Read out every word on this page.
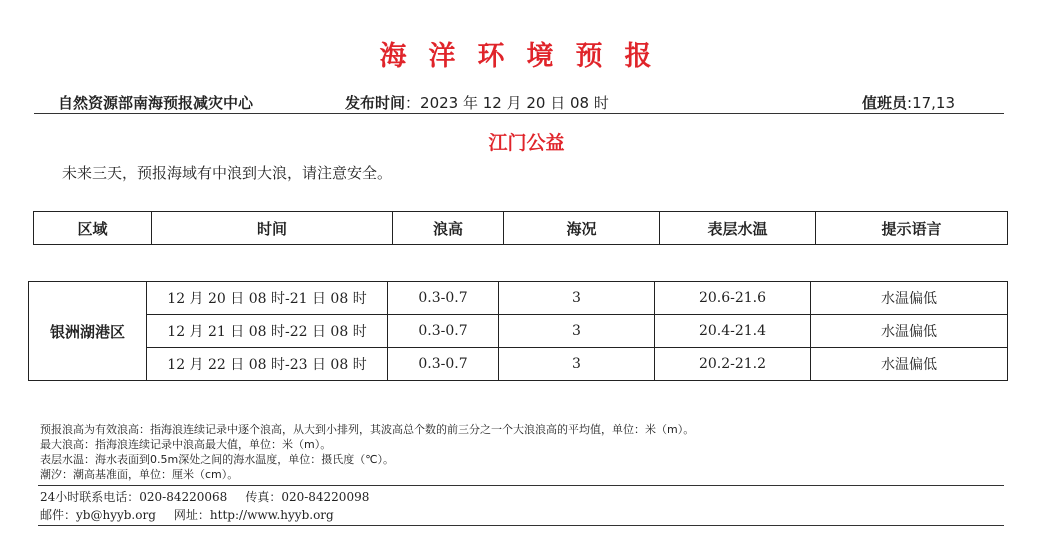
海洋环境预报
自然资源部南海预报减灾中心	发布时间：2023 年 12 月 20 日 08 时	值班员:17,13
江门公益
未来三天，预报海域有中浪到大浪，请注意安全。
区域	时间	浪高	海况	表层水温	提示语言
银洲湖港区	12 月 20 日 08 时-21 日 08 时	0.3-0.7	3	20.6-21.6	水温偏低
	12 月 21 日 08 时-22 日 08 时	0.3-0.7	3	20.4-21.4	水温偏低
	12 月 22 日 08 时-23 日 08 时	0.3-0.7	3	20.2-21.2	水温偏低
预报浪高为有效浪高：指海浪连续记录中逐个浪高，从大到小排列，其波高总个数的前三分之一个大浪浪高的平均值，单位：米（m）。
最大浪高：指海浪连续记录中浪高最大值，单位：米（m）。
表层水温：海水表面到0.5m深处之间的海水温度，单位：摄氏度（℃）。
潮汐：潮高基准面，单位：厘米（cm）。
24小时联系电话：020-84220068 传真：020-84220098
邮件：yb@hyyb.org 网址：http://www.hyyb.org
